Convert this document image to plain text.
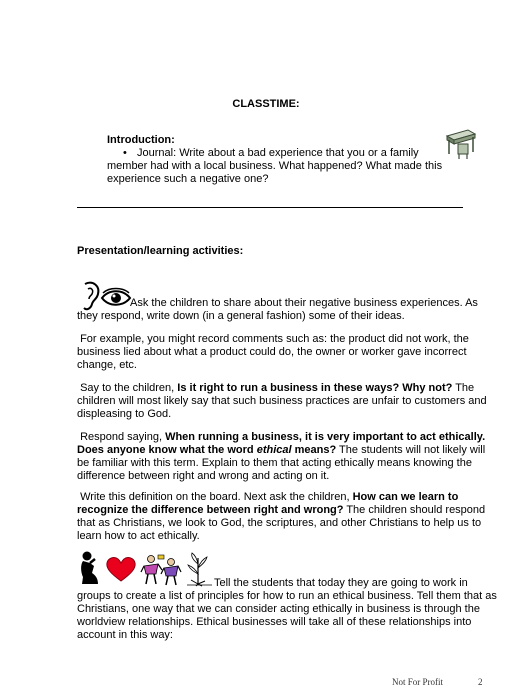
CLASSTIME:
Introduction:
• Journal: Write about a bad experience that you or a family member had with a local business. What happened? What made this experience such a negative one?

Presentation/learning activities:

Ask the children to share about their negative business experiences. As they respond, write down (in a general fashion) some of their ideas.

For example, you might record comments such as: the product did not work, the business lied about what a product could do, the owner or worker gave incorrect change, etc.

Say to the children, Is it right to run a business in these ways? Why not? The children will most likely say that such business practices are unfair to customers and displeasing to God.

Respond saying, When running a business, it is very important to act ethically. Does anyone know what the word ethical means? The students will not likely will be familiar with this term. Explain to them that acting ethically means knowing the difference between right and wrong and acting on it.

Write this definition on the board. Next ask the children, How can we learn to recognize the difference between right and wrong? The children should respond that as Christians, we look to God, the scriptures, and other Christians to help us to learn how to act ethically.

Tell the students that today they are going to work in groups to create a list of principles for how to run an ethical business. Tell them that as Christians, one way that we can consider acting ethically in business is through the worldview relationships. Ethical businesses will take all of these relationships into account in this way:

Not For Profit	2
